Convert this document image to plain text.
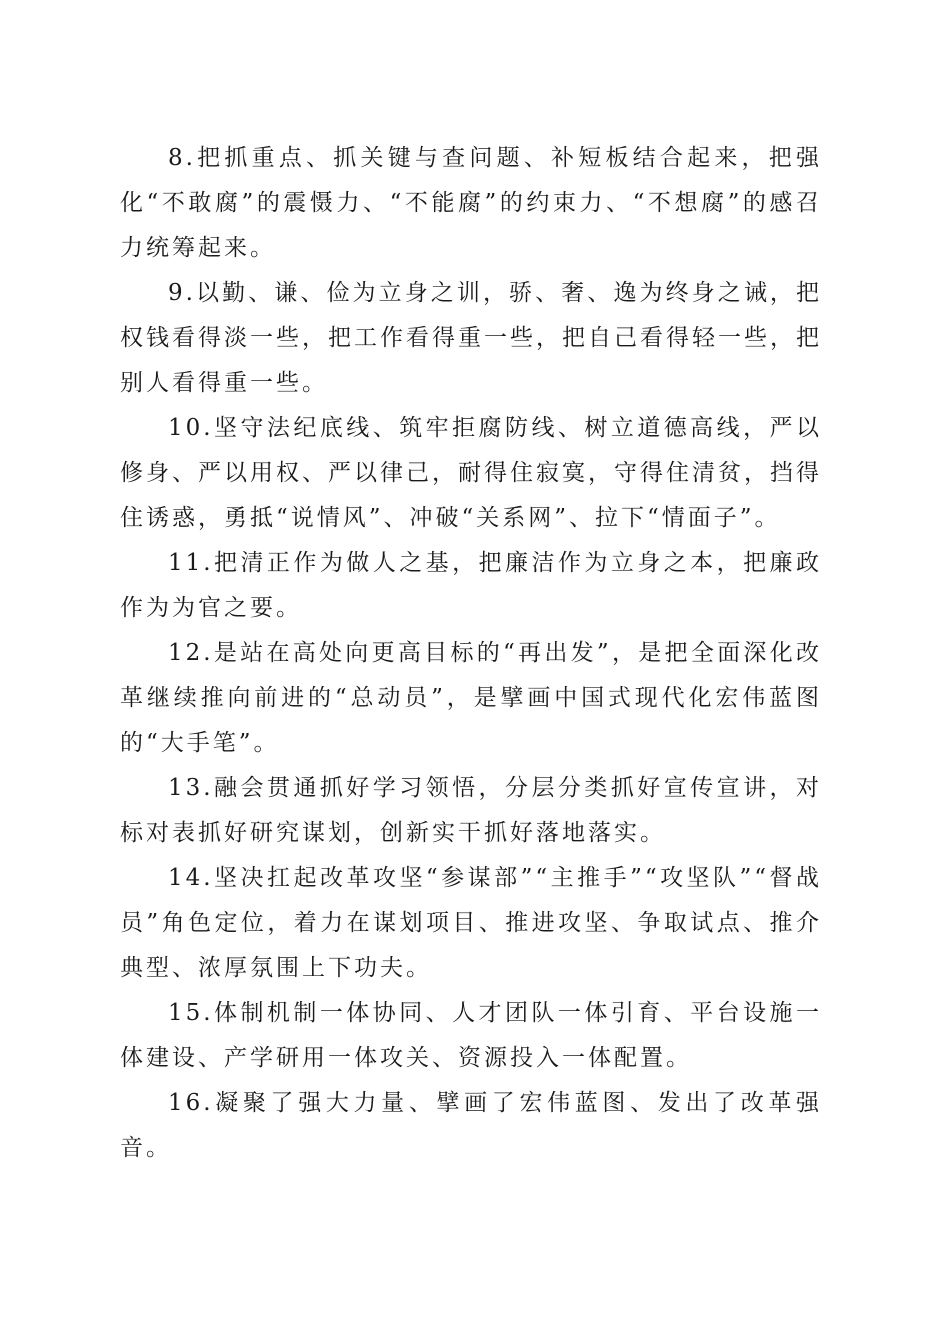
8.把抓重点、抓关键与查问题、补短板结合起来，把强化“不敢腐”的震慑力、“不能腐”的约束力、“不想腐”的感召力统筹起来。

9.以勤、谦、俭为立身之训，骄、奢、逸为终身之诫，把权钱看得淡一些，把工作看得重一些，把自己看得轻一些，把别人看得重一些。

10.坚守法纪底线、筑牢拒腐防线、树立道德高线，严以修身、严以用权、严以律己，耐得住寂寞，守得住清贫，挡得住诱惑，勇抵“说情风”、冲破“关系网”、拉下“情面子”。

11.把清正作为做人之基，把廉洁作为立身之本，把廉政作为为官之要。

12.是站在高处向更高目标的“再出发”，是把全面深化改革继续推向前进的“总动员”，是擘画中国式现代化宏伟蓝图的“大手笔”。

13.融会贯通抓好学习领悟，分层分类抓好宣传宣讲，对标对表抓好研究谋划，创新实干抓好落地落实。

14.坚决扛起改革攻坚“参谋部”“主推手”“攻坚队”“督战员”角色定位，着力在谋划项目、推进攻坚、争取试点、推介典型、浓厚氛围上下功夫。

15.体制机制一体协同、人才团队一体引育、平台设施一体建设、产学研用一体攻关、资源投入一体配置。

16.凝聚了强大力量、擘画了宏伟蓝图、发出了改革强音。
